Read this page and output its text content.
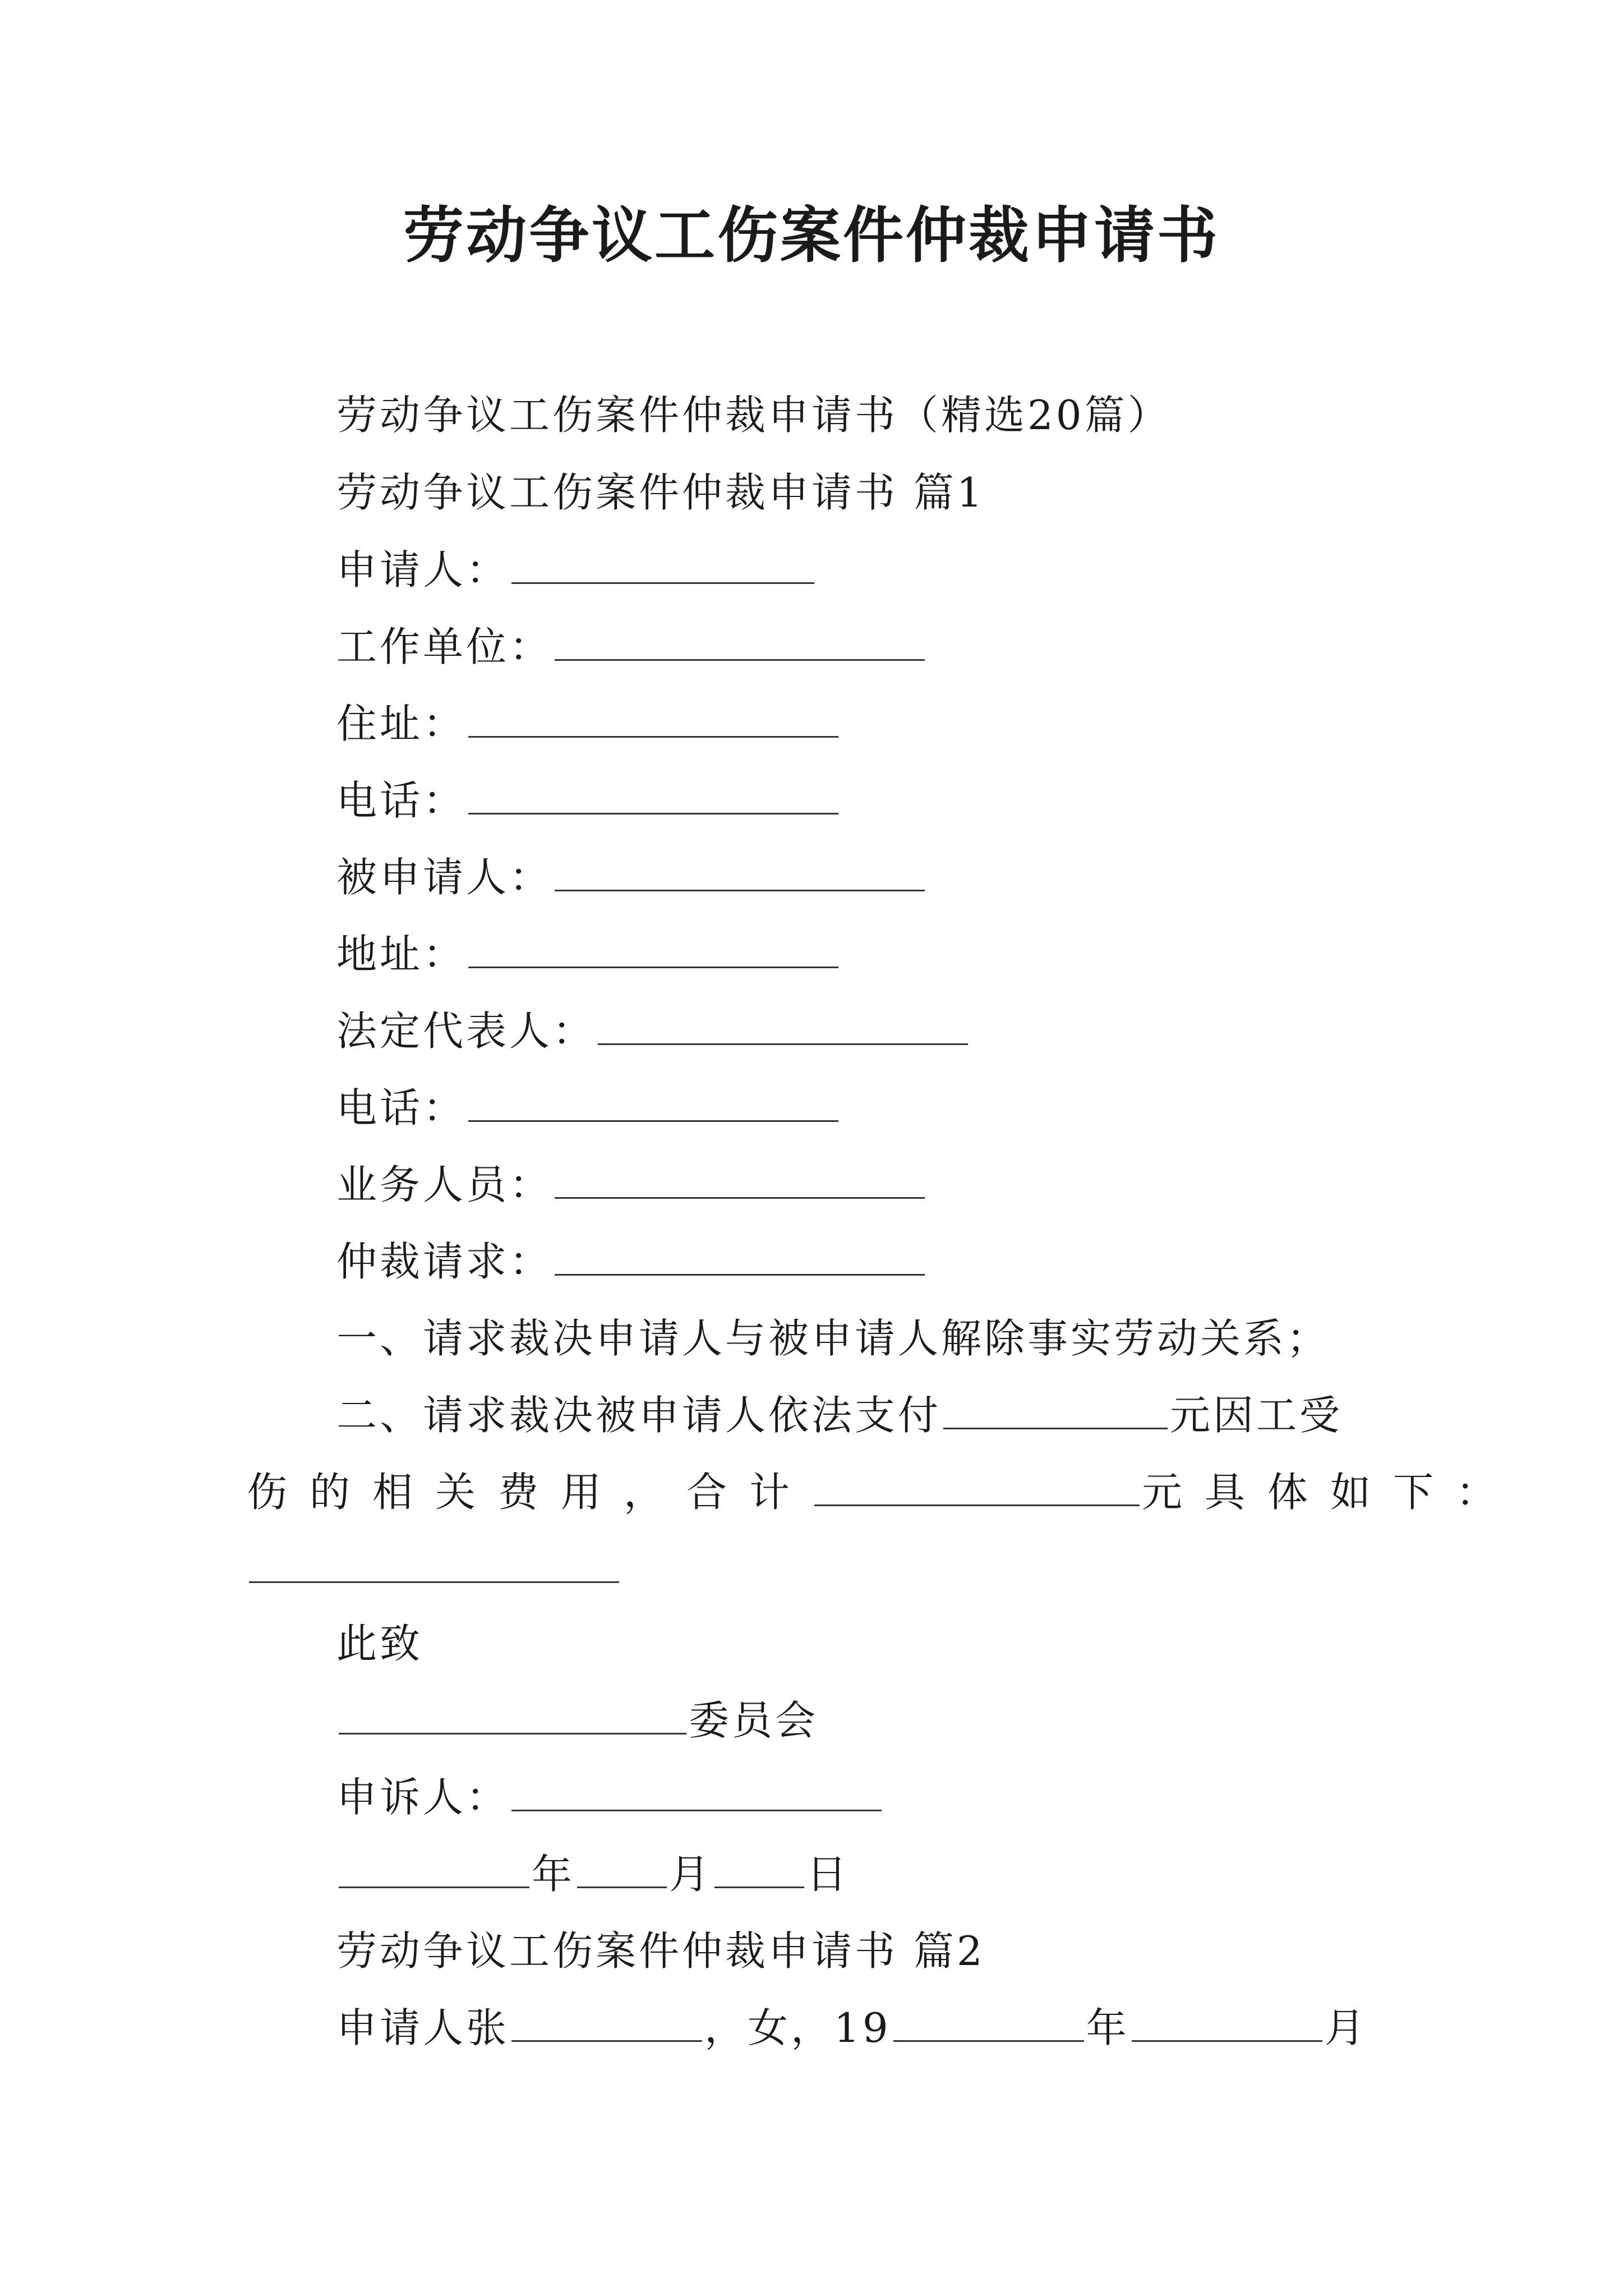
劳动争议工伤案件仲裁申请书
劳动争议工伤案件仲裁申请书（精选20篇）
劳动争议工伤案件仲裁申请书 篇1
申请人：
工作单位：
住址：
电话：
被申请人：
地址：
法定代表人：
电话：
业务人员：
仲裁请求：
一、请求裁决申请人与被申请人解除事实劳动关系；
二、请求裁决被申请人依法支付	元因工受
伤的相关费用，合计	元具体如下：
此致
委员会
申诉人：
年 月 日
劳动争议工伤案件仲裁申请书 篇2
申请人张	，女，19	年	月
